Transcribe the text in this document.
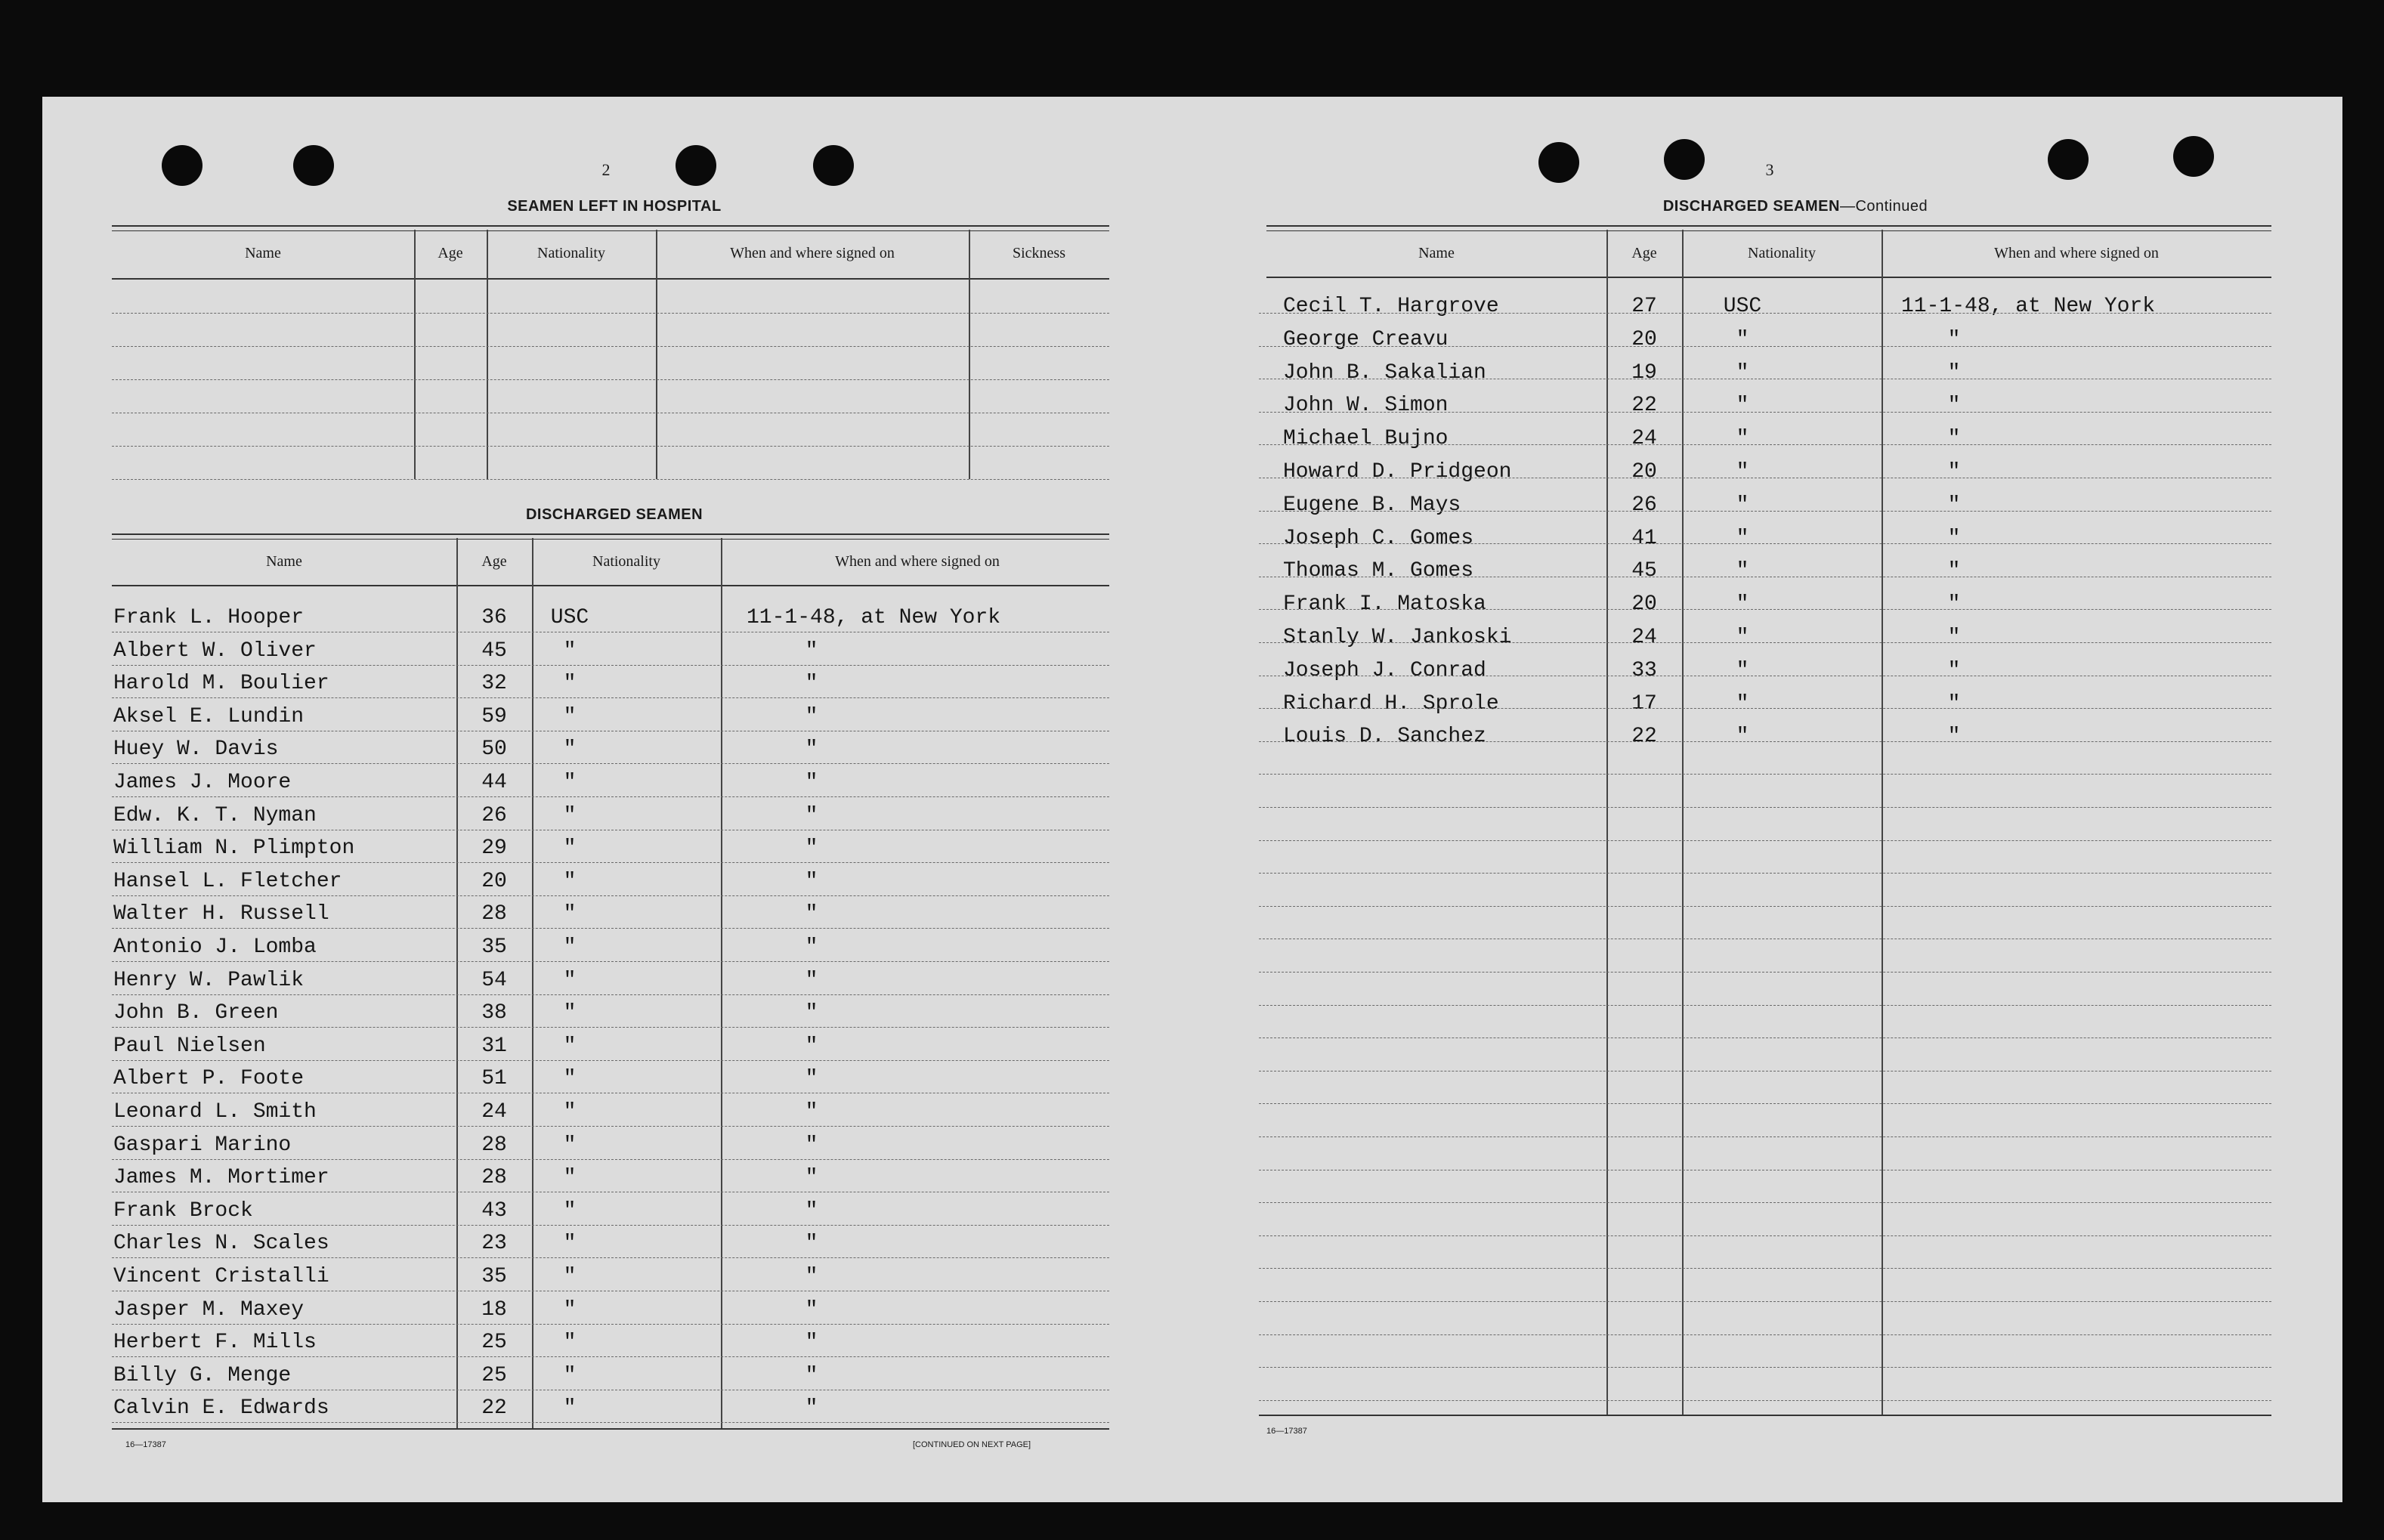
2
SEAMEN LEFT IN HOSPITAL
Name	Age	Nationality	When and where signed on	Sickness
DISCHARGED SEAMEN
Name	Age	Nationality	When and where signed on
Frank L. Hooper	36	USC	11-1-48, at New York
Albert W. Oliver	45	"	"
Harold M. Boulier	32	"	"
Aksel E. Lundin	59	"	"
Huey W. Davis	50	"	"
James J. Moore	44	"	"
Edw. K. T. Nyman	26	"	"
William N. Plimpton	29	"	"
Hansel L. Fletcher	20	"	"
Walter H. Russell	28	"	"
Antonio J. Lomba	35	"	"
Henry W. Pawlik	54	"	"
John B. Green	38	"	"
Paul Nielsen	31	"	"
Albert P. Foote	51	"	"
Leonard L. Smith	24	"	"
Gaspari Marino	28	"	"
James M. Mortimer	28	"	"
Frank Brock	43	"	"
Charles N. Scales	23	"	"
Vincent Cristalli	35	"	"
Jasper M. Maxey	18	"	"
Herbert F. Mills	25	"	"
Billy G. Menge	25	"	"
Calvin E. Edwards	22	"	"
16—17387	[CONTINUED ON NEXT PAGE]
3
DISCHARGED SEAMEN—Continued
Name	Age	Nationality	When and where signed on
Cecil T. Hargrove	27	USC	11-1-48, at New York
George Creavu	20	"	"
John B. Sakalian	19	"	"
John W. Simon	22	"	"
Michael Bujno	24	"	"
Howard D. Pridgeon	20	"	"
Eugene B. Mays	26	"	"
Joseph C. Gomes	41	"	"
Thomas M. Gomes	45	"	"
Frank I. Matoska	20	"	"
Stanly W. Jankoski	24	"	"
Joseph J. Conrad	33	"	"
Richard H. Sprole	17	"	"
Louis D. Sanchez	22	"	"
16—17387
